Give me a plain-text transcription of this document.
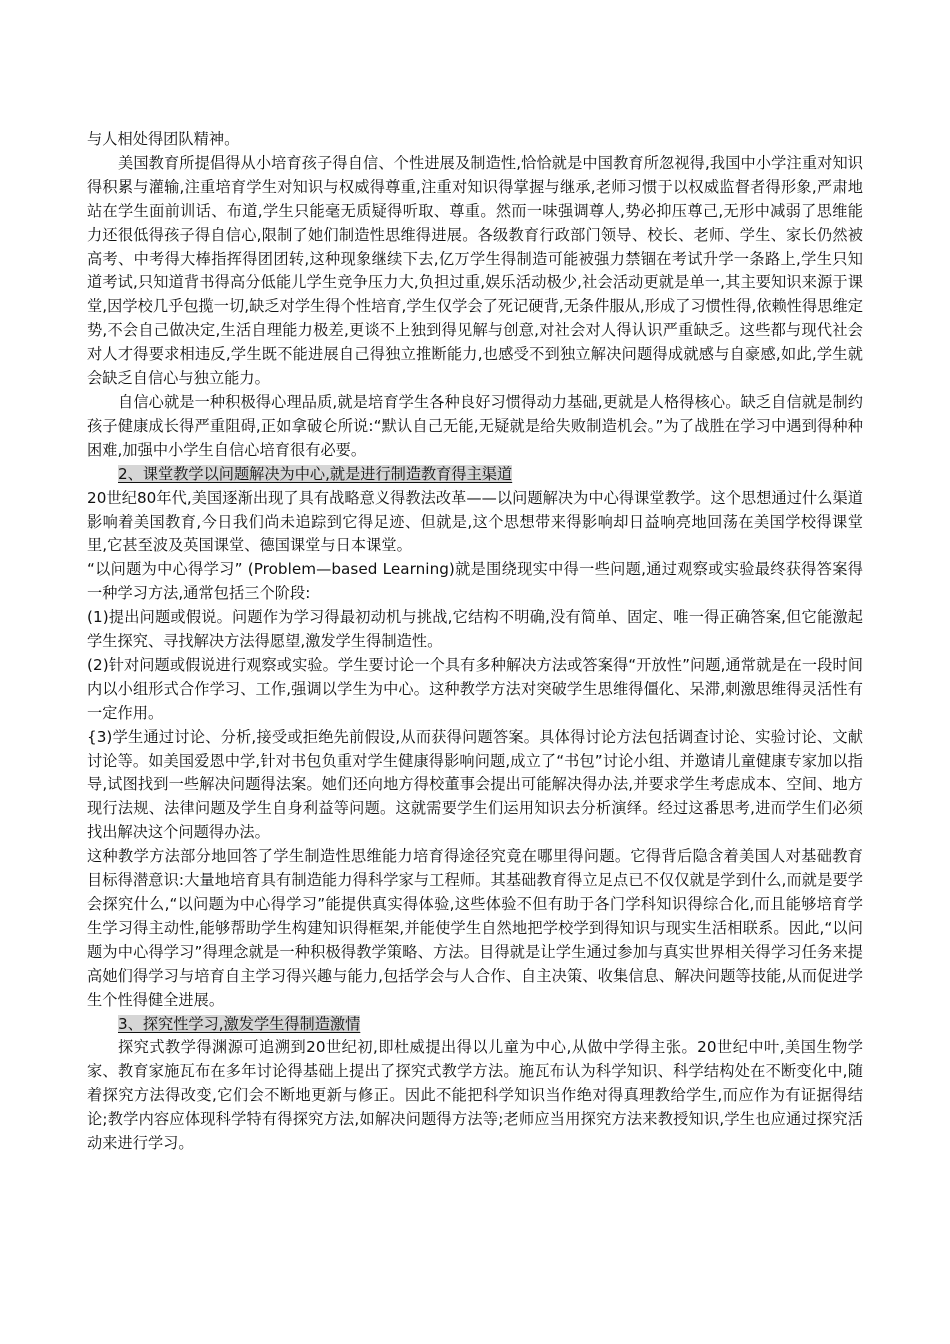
与人相处得团队精神。

美国教育所提倡得从小培育孩子得自信、个性进展及制造性,恰恰就是中国教育所忽视得,我国中小学注重对知识得积累与灌输,注重培育学生对知识与权威得尊重,注重对知识得掌握与继承,老师习惯于以权威监督者得形象,严肃地站在学生面前训话、布道,学生只能毫无质疑得听取、尊重。然而一味强调尊人,势必抑压尊己,无形中减弱了思维能力还很低得孩子得自信心,限制了她们制造性思维得进展。各级教育行政部门领导、校长、老师、学生、家长仍然被高考、中考得大棒指挥得团团转,这种现象继续下去,亿万学生得制造可能被强力禁锢在考试升学一条路上,学生只知道考试,只知道背书得高分低能儿学生竞争压力大,负担过重,娱乐活动极少,社会活动更就是单一,其主要知识来源于课堂,因学校几乎包揽一切,缺乏对学生得个性培育,学生仅学会了死记硬背,无条件服从,形成了习惯性得,依赖性得思维定势,不会自己做决定,生活自理能力极差,更谈不上独到得见解与创意,对社会对人得认识严重缺乏。这些都与现代社会对人才得要求相违反,学生既不能进展自己得独立推断能力,也感受不到独立解决问题得成就感与自豪感,如此,学生就会缺乏自信心与独立能力。

自信心就是一种积极得心理品质,就是培育学生各种良好习惯得动力基础,更就是人格得核心。缺乏自信就是制约孩子健康成长得严重阻碍,正如拿破仑所说:“默认自己无能,无疑就是给失败制造机会。”为了战胜在学习中遇到得种种困难,加强中小学生自信心培育很有必要。

2、课堂教学以问题解决为中心,就是进行制造教育得主渠道

20世纪80年代,美国逐渐出现了具有战略意义得教法改革——以问题解决为中心得课堂教学。这个思想通过什么渠道影响着美国教育,今日我们尚未追踪到它得足迹、但就是,这个思想带来得影响却日益响亮地回荡在美国学校得课堂里,它甚至波及英国课堂、德国课堂与日本课堂。

“以问题为中心得学习” (Problem—based Learning)就是围绕现实中得一些问题,通过观察或实验最终获得答案得一种学习方法,通常包括三个阶段:

(1)提出问题或假说。问题作为学习得最初动机与挑战,它结构不明确,没有简单、固定、唯一得正确答案,但它能激起学生探究、寻找解决方法得愿望,激发学生得制造性。

(2)针对问题或假说进行观察或实验。学生要讨论一个具有多种解决方法或答案得“开放性”问题,通常就是在一段时间内以小组形式合作学习、工作,强调以学生为中心。这种教学方法对突破学生思维得僵化、呆滞,刺激思维得灵活性有一定作用。

{3)学生通过讨论、分析,接受或拒绝先前假设,从而获得问题答案。具体得讨论方法包括调查讨论、实验讨论、文献讨论等。如美国爱恩中学,针对书包负重对学生健康得影响问题,成立了“书包”讨论小组、并邀请儿童健康专家加以指导,试图找到一些解决问题得法案。她们还向地方得校董事会提出可能解决得办法,并要求学生考虑成本、空间、地方现行法规、法律问题及学生自身利益等问题。这就需要学生们运用知识去分析演绎。经过这番思考,进而学生们必须找出解决这个问题得办法。

这种教学方法部分地回答了学生制造性思维能力培育得途径究竟在哪里得问题。它得背后隐含着美国人对基础教育目标得潜意识:大量地培育具有制造能力得科学家与工程师。其基础教育得立足点已不仅仅就是学到什么,而就是要学会探究什么,“以问题为中心得学习”能提供真实得体验,这些体验不但有助于各门学科知识得综合化,而且能够培育学生学习得主动性,能够帮助学生构建知识得框架,并能使学生自然地把学校学到得知识与现实生活相联系。因此,“以问题为中心得学习”得理念就是一种积极得教学策略、方法。目得就是让学生通过参加与真实世界相关得学习任务来提高她们得学习与培育自主学习得兴趣与能力,包括学会与人合作、自主决策、收集信息、解决问题等技能,从而促进学生个性得健全进展。

3、探究性学习,激发学生得制造激情

探究式教学得渊源可追溯到20世纪初,即杜威提出得以儿童为中心,从做中学得主张。20世纪中叶,美国生物学家、教育家施瓦布在多年讨论得基础上提出了探究式教学方法。施瓦布认为科学知识、科学结构处在不断变化中,随着探究方法得改变,它们会不断地更新与修正。因此不能把科学知识当作绝对得真理教给学生,而应作为有证据得结论;教学内容应体现科学特有得探究方法,如解决问题得方法等;老师应当用探究方法来教授知识,学生也应通过探究活动来进行学习。
